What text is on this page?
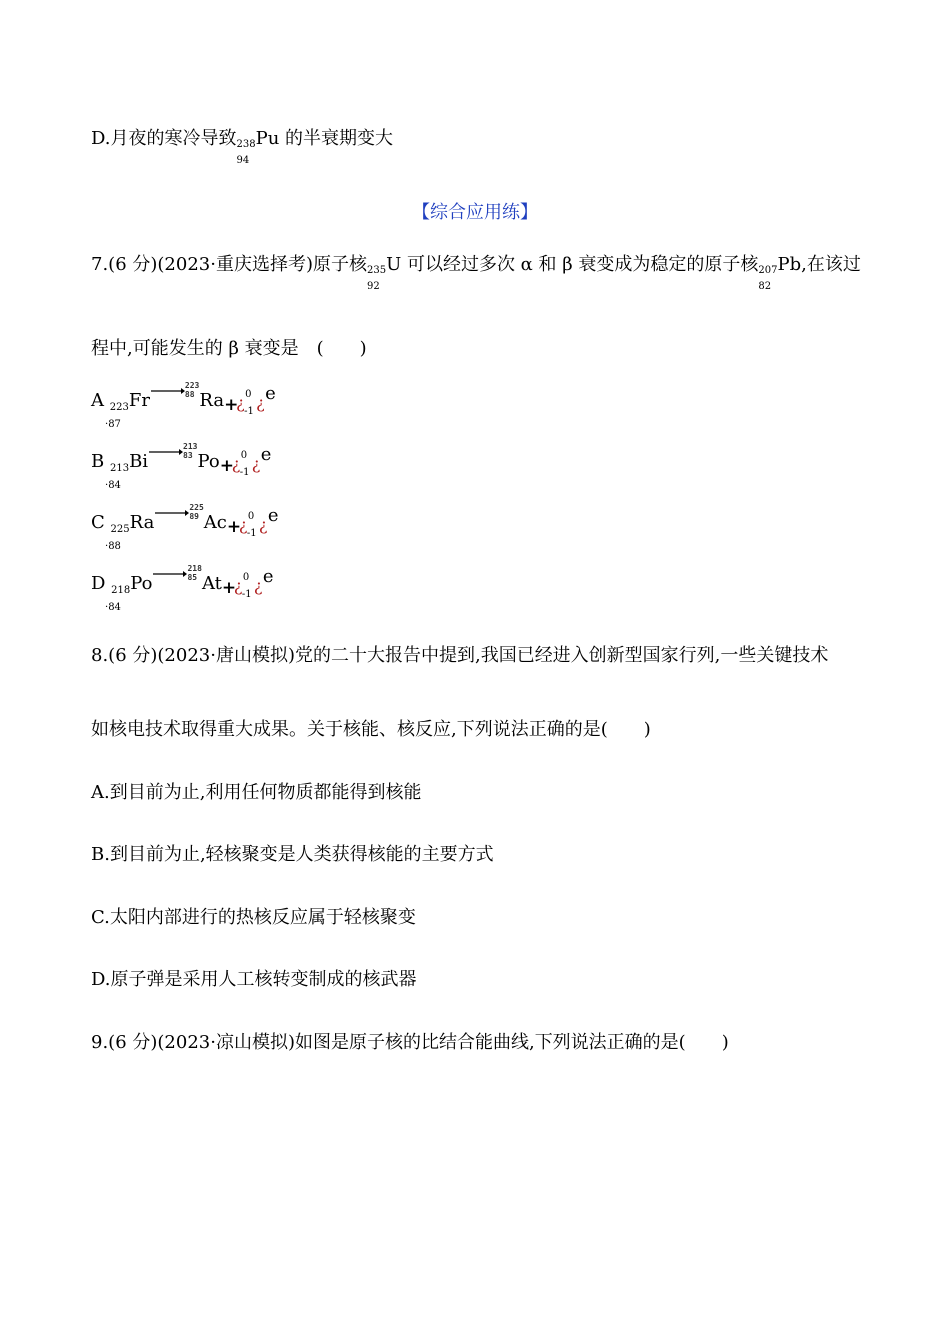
D.月夜的寒冷导致238
94
Pu 的半衰期变大
【综合应用练】
7.(6 分)(2023·重庆选择考)原子核235
92
U 可以经过多次 α 和 β 衰变成为稳定的原子核207
82
Pb,在该过
程中,可能发生的 β 衰变是　(　　)
A $_{223}$Fr
·87
223
88 Ra +
¿ 0
-1 ¿ e
B $_{213}$Bi
·84
213
83 Po +
¿ 0
-1 ¿ e
C $_{225}$Ra
·88
225
89 Ac +
¿ 0
-1 ¿ e
D $_{218}$Po
·84
218
85 At +
¿ 0
-1 ¿ e
8.(6 分)(2023·唐山模拟)党的二十大报告中提到,我国已经进入创新型国家行列,一些关键技术
如核电技术取得重大成果。关于核能、核反应,下列说法正确的是(　　)
A.到目前为止,利用任何物质都能得到核能
B.到目前为止,轻核聚变是人类获得核能的主要方式
C.太阳内部进行的热核反应属于轻核聚变
D.原子弹是采用人工核转变制成的核武器
9.(6 分)(2023·凉山模拟)如图是原子核的比结合能曲线,下列说法正确的是(　　)
